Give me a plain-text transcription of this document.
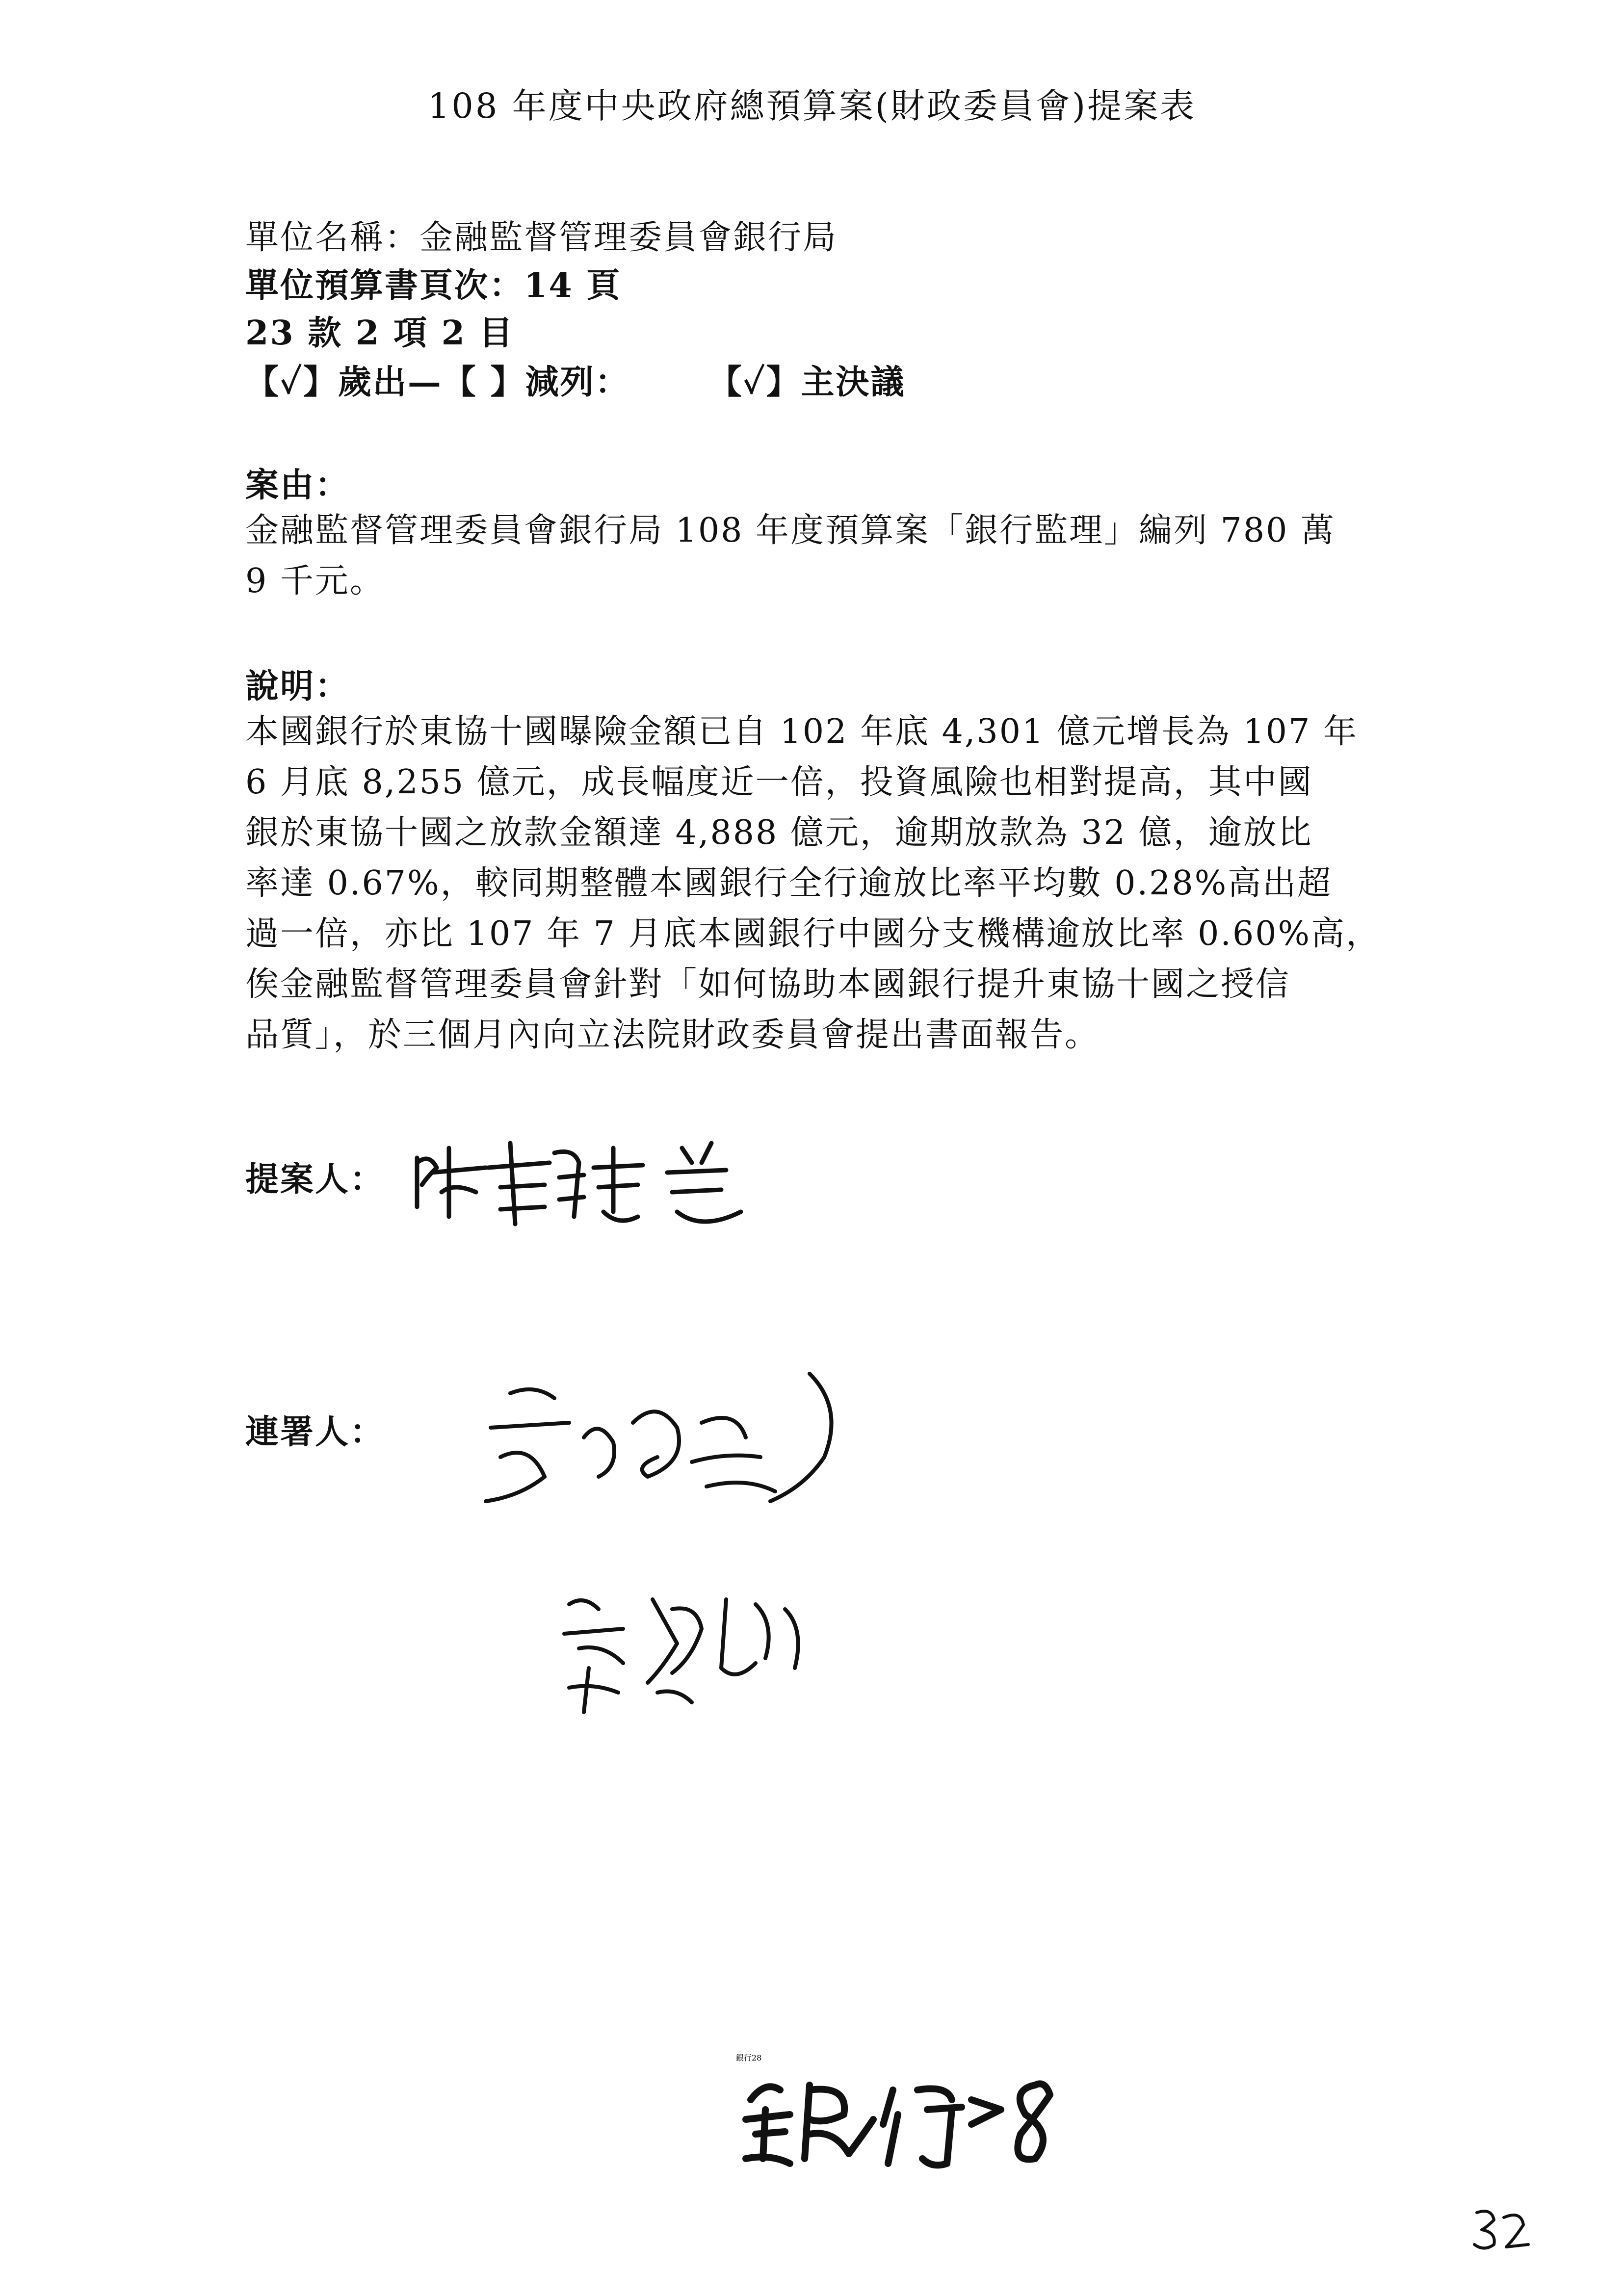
108 年度中央政府總預算案(財政委員會)提案表
單位名稱：金融監督管理委員會銀行局
單位預算書頁次：14 頁
23 款 2 項 2 目
【✓】歲出—【 】減列： 【✓】主決議
案由：

金融監督管理委員會銀行局 108 年度預算案「銀行監理」編列 780 萬

9 千元。

說明：

本國銀行於東協十國曝險金額已自 102 年底 4,301 億元增長為 107 年

6 月底 8,255 億元，成長幅度近一倍，投資風險也相對提高，其中國

銀於東協十國之放款金額達 4,888 億元，逾期放款為 32 億，逾放比

率達 0.67%，較同期整體本國銀行全行逾放比率平均數 0.28%高出超

過一倍，亦比 107 年 7 月底本國銀行中國分支機構逾放比率 0.60%高，

俟金融監督管理委員會針對「如何協助本國銀行提升東協十國之授信

品質」，於三個月內向立法院財政委員會提出書面報告。

提案人：
連署人：
銀行28
